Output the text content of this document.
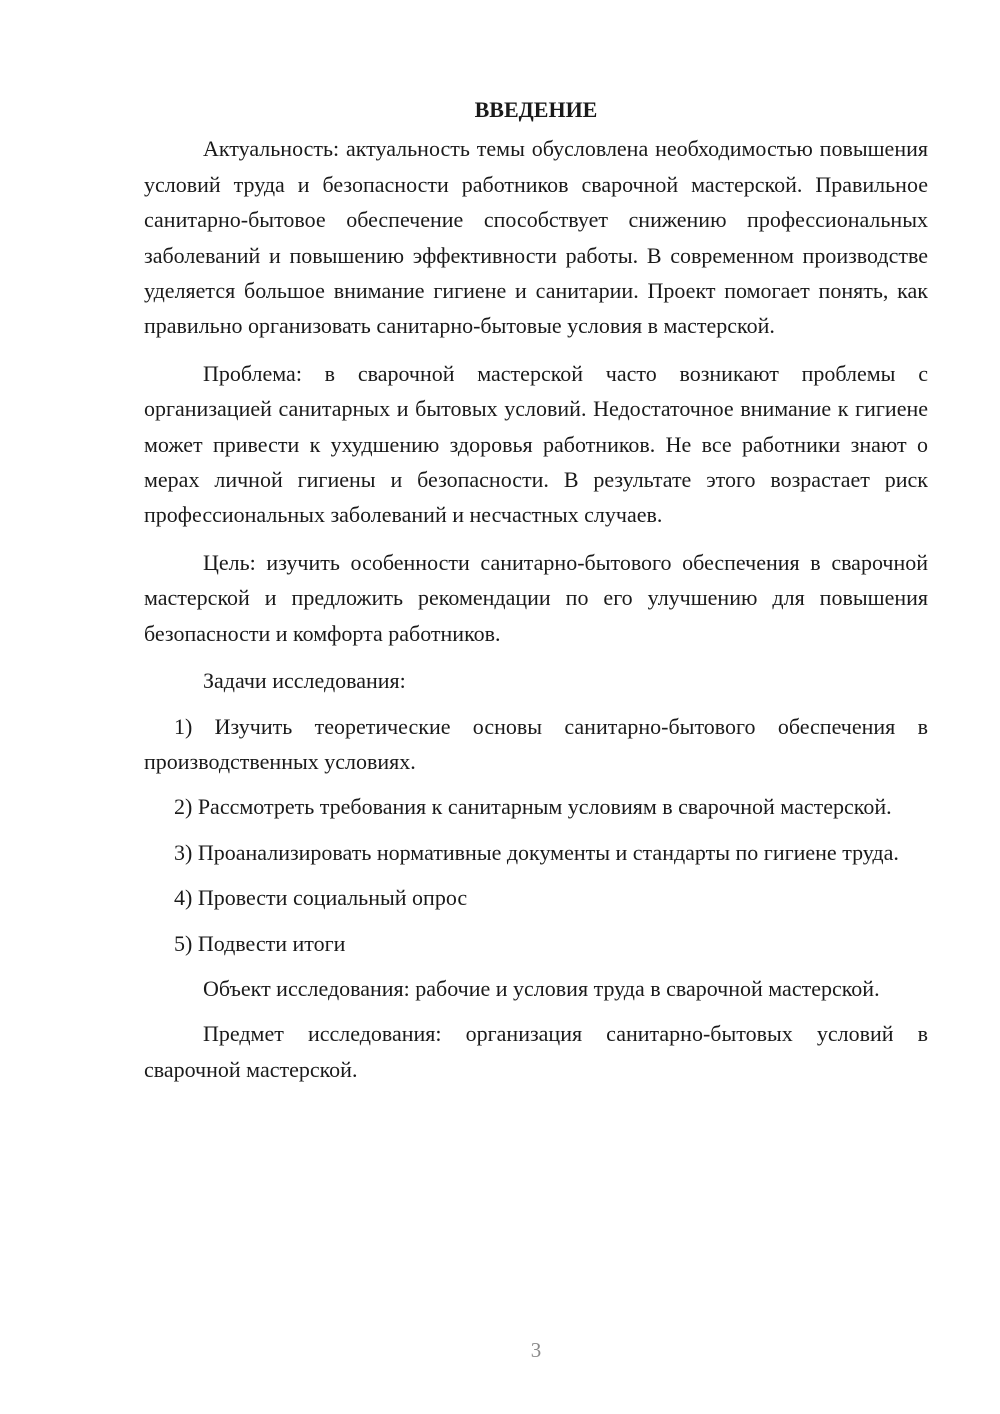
ВВЕДЕНИЕ

Актуальность: актуальность темы обусловлена необходимостью повышения условий труда и безопасности работников сварочной мастерской. Правильное санитарно-бытовое обеспечение способствует снижению профессиональных заболеваний и повышению эффективности работы. В современном производстве уделяется большое внимание гигиене и санитарии. Проект помогает понять, как правильно организовать санитарно-бытовые условия в мастерской.

Проблема: в сварочной мастерской часто возникают проблемы с организацией санитарных и бытовых условий. Недостаточное внимание к гигиене может привести к ухудшению здоровья работников. Не все работники знают о мерах личной гигиены и безопасности. В результате этого возрастает риск профессиональных заболеваний и несчастных случаев.

Цель: изучить особенности санитарно-бытового обеспечения в сварочной мастерской и предложить рекомендации по его улучшению для повышения безопасности и комфорта работников.

Задачи исследования:

1) Изучить теоретические основы санитарно-бытового обеспечения в производственных условиях.

2) Рассмотреть требования к санитарным условиям в сварочной мастерской.

3) Проанализировать нормативные документы и стандарты по гигиене труда.

4) Провести социальный опрос

5) Подвести итоги

Объект исследования: рабочие и условия труда в сварочной мастерской.

Предмет исследования: организация санитарно-бытовых условий в сварочной мастерской.

3
